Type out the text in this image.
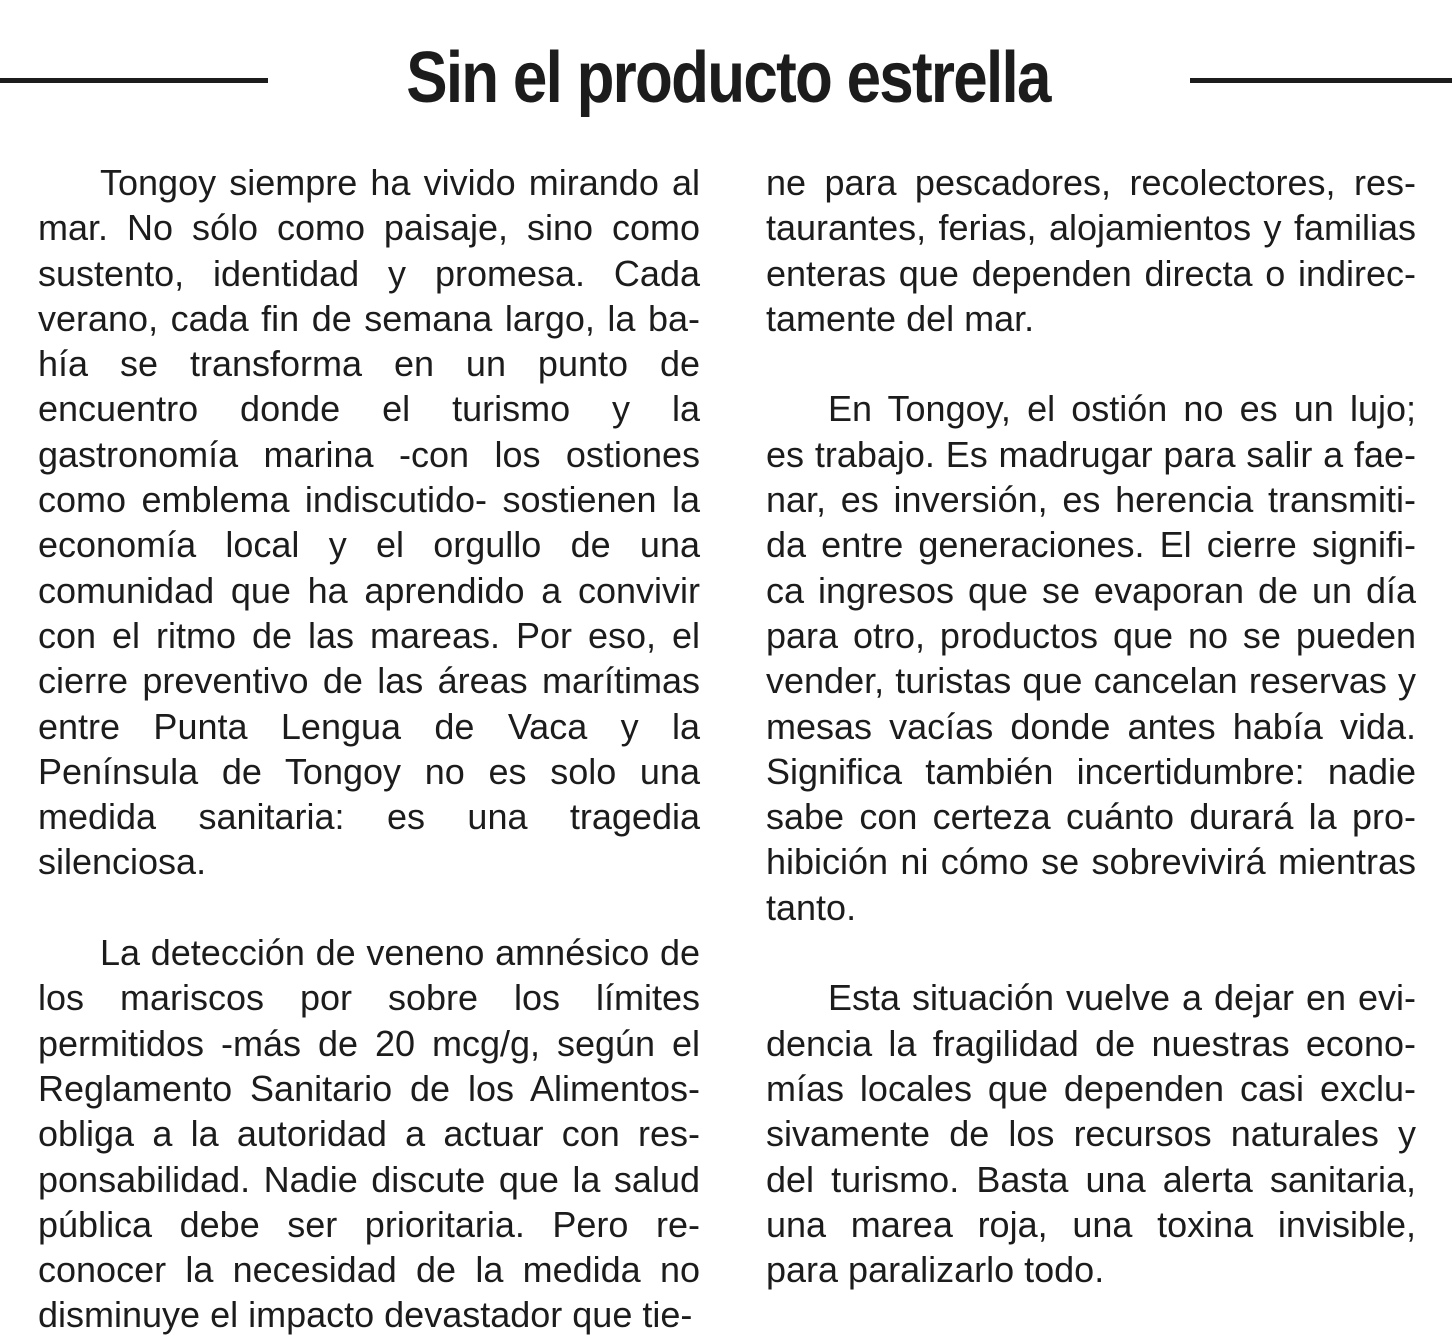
Sin el producto estrella

Tongoy siempre ha vivido mirando al mar. No sólo como paisaje, sino como sustento, identidad y promesa. Cada verano, cada fin de semana largo, la bahía se transforma en un punto de encuentro donde el turismo y la gastronomía marina -con los ostiones como emblema indiscutido- sostienen la economía local y el orgullo de una comunidad que ha aprendido a convivir con el ritmo de las mareas. Por eso, el cierre preventivo de las áreas marítimas entre Punta Lengua de Vaca y la Península de Tongoy no es solo una medida sanitaria: es una tragedia silenciosa.

La detección de veneno amnésico de los mariscos por sobre los límites permitidos -más de 20 mcg/g, según el Reglamento Sanitario de los Alimentos- obliga a la autoridad a actuar con responsabilidad. Nadie discute que la salud pública debe ser prioritaria. Pero reconocer la necesidad de la medida no disminuye el impacto devastador que tie-

ne para pescadores, recolectores, restaurantes, ferias, alojamientos y familias enteras que dependen directa o indirectamente del mar.

En Tongoy, el ostión no es un lujo; es trabajo. Es madrugar para salir a faenar, es inversión, es herencia transmitida entre generaciones. El cierre significa ingresos que se evaporan de un día para otro, productos que no se pueden vender, turistas que cancelan reservas y mesas vacías donde antes había vida. Significa también incertidumbre: nadie sabe con certeza cuánto durará la prohibición ni cómo se sobrevivirá mientras tanto.

Esta situación vuelve a dejar en evidencia la fragilidad de nuestras economías locales que dependen casi exclusivamente de los recursos naturales y del turismo. Basta una alerta sanitaria, una marea roja, una toxina invisible, para paralizarlo todo.
